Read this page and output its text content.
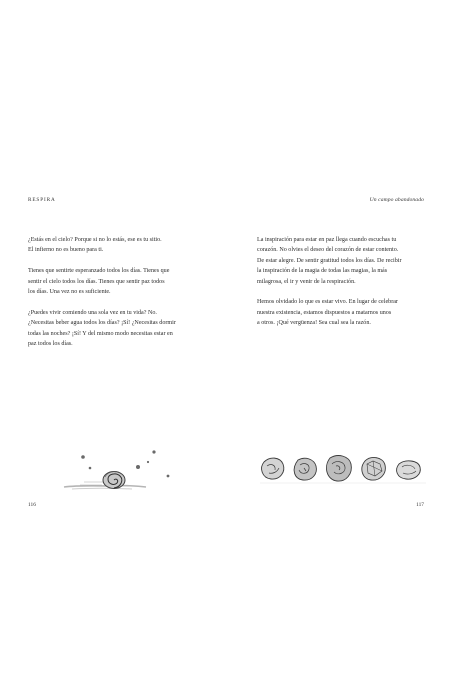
RESPIRA

¿Estás en el cielo? Porque si no lo estás, ese es tu sitio.
El infierno no es bueno para ti.

Tienes que sentirte esperanzado todos los días. Tienes que
sentir el cielo todos los días. Tienes que sentir paz todos
los días. Una vez no es suficiente.

¿Puedes vivir comiendo una sola vez en tu vida? No.
¿Necesitas beber agua todos los días? ¡Sí! ¿Necesitas dormir
todas las noches? ¡Sí! Y del mismo modo necesitas estar en
paz todos los días.

116
Un campo abandonado

La inspiración para estar en paz llega cuando escuchas tu
corazón. No olvies el deseo del corazón de estar contento.
De estar alegre. De sentir gratitud todos los días. De recibir
la inspiración de la magia de todas las magias, la más
milagrosa, el ir y venir de la respiración.

Hemos olvidado lo que es estar vivo. En lugar de celebrar
nuestra existencia, estamos dispuestos a matarnos unos
a otros. ¡Qué vergüenza! Sea cual sea la razón.

117
